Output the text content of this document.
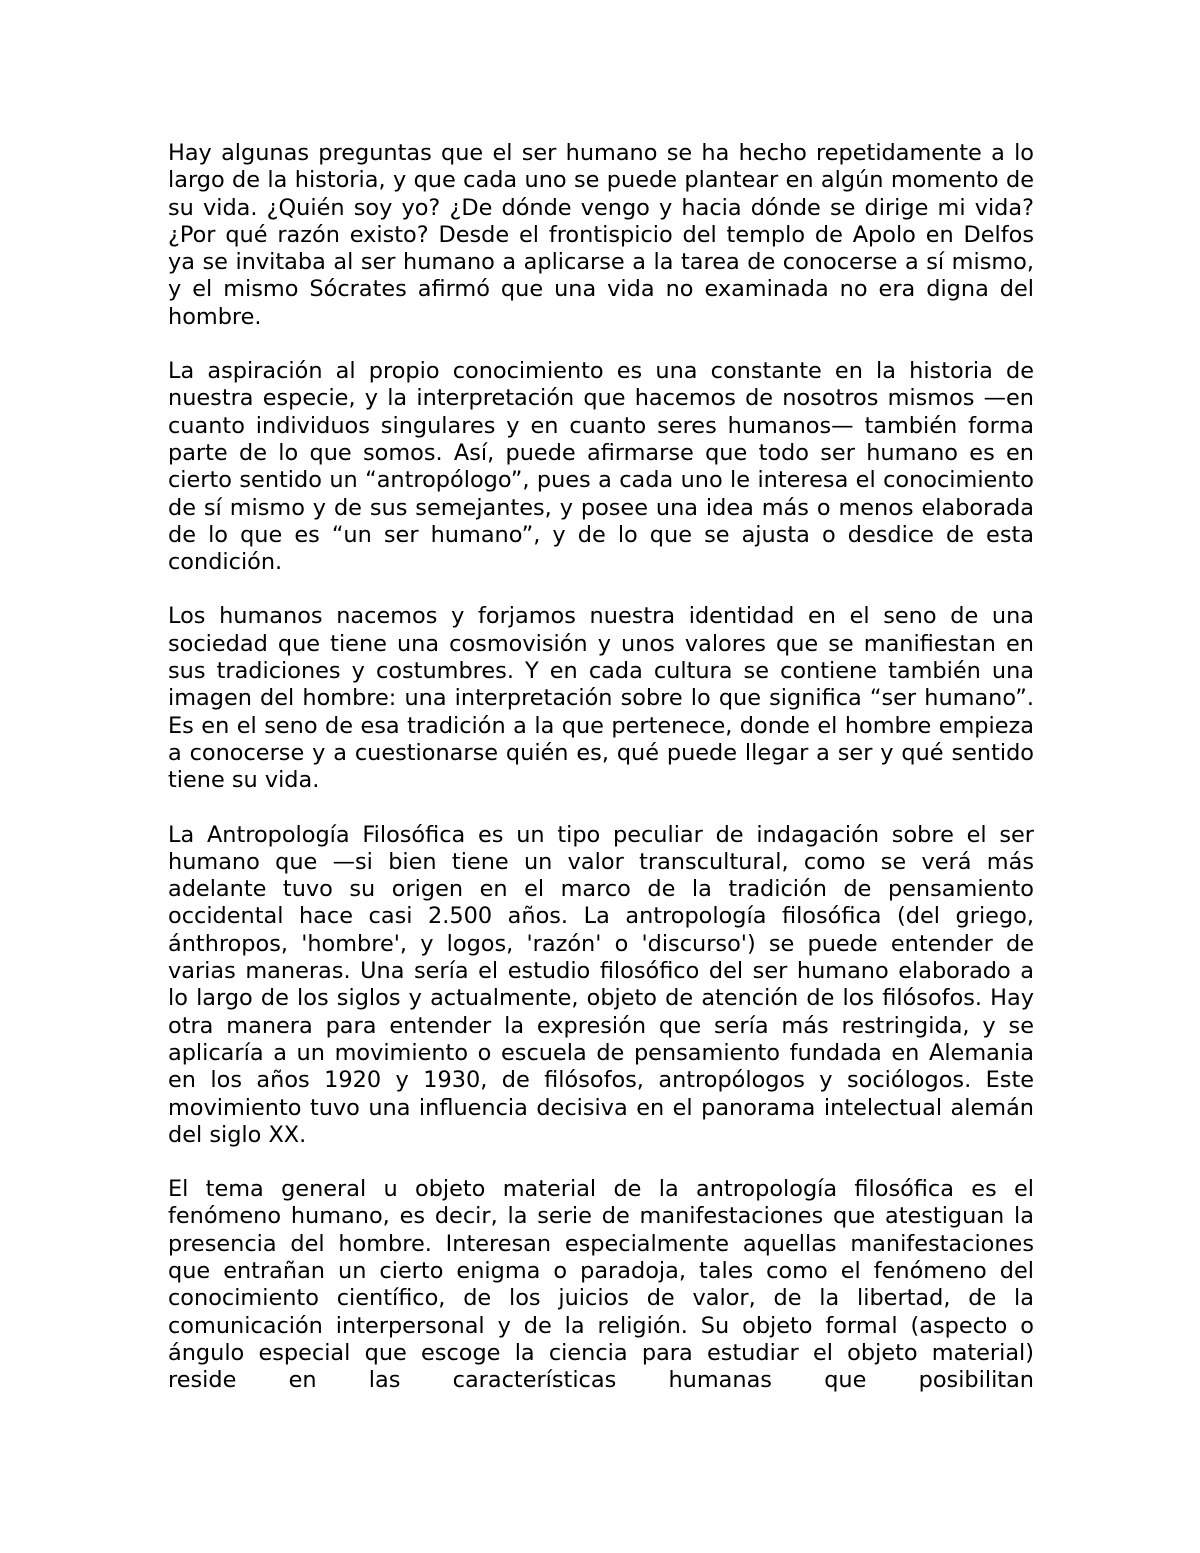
Hay algunas preguntas que el ser humano se ha hecho repetidamente a lo largo de la historia, y que cada uno se puede plantear en algún momento de su vida. ¿Quién soy yo? ¿De dónde vengo y hacia dónde se dirige mi vida? ¿Por qué razón existo? Desde el frontispicio del templo de Apolo en Delfos ya se invitaba al ser humano a aplicarse a la tarea de conocerse a sí mismo, y el mismo Sócrates afirmó que una vida no examinada no era digna del hombre.

La aspiración al propio conocimiento es una constante en la historia de nuestra especie, y la interpretación que hacemos de nosotros mismos —en cuanto individuos singulares y en cuanto seres humanos— también forma parte de lo que somos. Así, puede afirmarse que todo ser humano es en cierto sentido un “antropólogo”, pues a cada uno le interesa el conocimiento de sí mismo y de sus semejantes, y posee una idea más o menos elaborada de lo que es “un ser humano”, y de lo que se ajusta o desdice de esta condición.

Los humanos nacemos y forjamos nuestra identidad en el seno de una sociedad que tiene una cosmovisión y unos valores que se manifiestan en sus tradiciones y costumbres. Y en cada cultura se contiene también una imagen del hombre: una interpretación sobre lo que significa “ser humano”. Es en el seno de esa tradición a la que pertenece, donde el hombre empieza a conocerse y a cuestionarse quién es, qué puede llegar a ser y qué sentido tiene su vida.

La Antropología Filosófica es un tipo peculiar de indagación sobre el ser humano que —si bien tiene un valor transcultural, como se verá más adelante tuvo su origen en el marco de la tradición de pensamiento occidental hace casi 2.500 años. La antropología filosófica (del griego, ánthropos, 'hombre', y logos, 'razón' o 'discurso') se puede entender de varias maneras. Una sería el estudio filosófico del ser humano elaborado a lo largo de los siglos y actualmente, objeto de atención de los filósofos. Hay otra manera para entender la expresión que sería más restringida, y se aplicaría a un movimiento o escuela de pensamiento fundada en Alemania en los años 1920 y 1930, de filósofos, antropólogos y sociólogos. Este movimiento tuvo una influencia decisiva en el panorama intelectual alemán del siglo XX.

El tema general u objeto material de la antropología filosófica es el fenómeno humano, es decir, la serie de manifestaciones que atestiguan la presencia del hombre. Interesan especialmente aquellas manifestaciones que entrañan un cierto enigma o paradoja, tales como el fenómeno del conocimiento científico, de los juicios de valor, de la libertad, de la comunicación interpersonal y de la religión. Su objeto formal (aspecto o ángulo especial que escoge la ciencia para estudiar el objeto material) reside en las características humanas que posibilitan
